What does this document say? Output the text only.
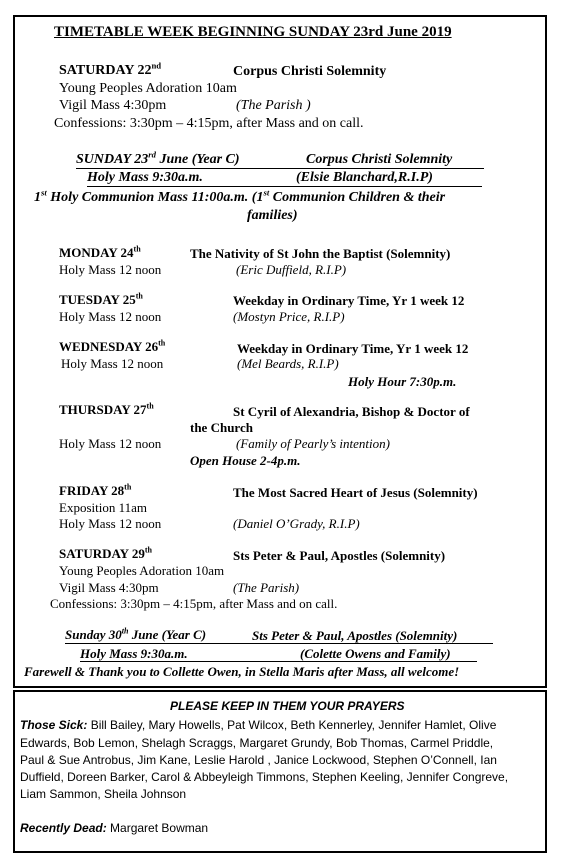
TIMETABLE WEEK BEGINNING SUNDAY 23rd June 2019
SATURDAY 22nd	Corpus Christi Solemnity
Young Peoples Adoration 10am
Vigil Mass 4:30pm	(The Parish )
Confessions: 3:30pm – 4:15pm, after Mass and on call.
SUNDAY 23rd June (Year C)	Corpus Christi Solemnity
Holy Mass 9:30a.m.	(Elsie Blanchard,R.I.P)
1st Holy Communion Mass 11:00a.m. (1st Communion Children & their
families)
MONDAY 24th	The Nativity of St John the Baptist (Solemnity)
Holy Mass 12 noon	(Eric Duffield, R.I.P)
TUESDAY 25th	Weekday in Ordinary Time, Yr 1 week 12
Holy Mass 12 noon	(Mostyn Price, R.I.P)
WEDNESDAY 26th	Weekday in Ordinary Time, Yr 1 week 12
Holy Mass 12 noon	(Mel Beards, R.I.P)
Holy Hour 7:30p.m.
THURSDAY 27th	St Cyril of Alexandria, Bishop & Doctor of
the Church
Holy Mass 12 noon	(Family of Pearly’s intention)
Open House 2-4p.m.
FRIDAY 28th	The Most Sacred Heart of Jesus (Solemnity)
Exposition 11am
Holy Mass 12 noon	(Daniel O’Grady, R.I.P)
SATURDAY 29th	Sts Peter & Paul, Apostles (Solemnity)
Young Peoples Adoration 10am
Vigil Mass 4:30pm	(The Parish)
Confessions: 3:30pm – 4:15pm, after Mass and on call.
Sunday 30th June (Year C)	Sts Peter & Paul, Apostles (Solemnity)
Holy Mass 9:30a.m.	(Colette Owens and Family)
Farewell & Thank you to Collette Owen, in Stella Maris after Mass, all welcome!
PLEASE KEEP IN THEM YOUR PRAYERS
Those Sick: Bill Bailey, Mary Howells, Pat Wilcox, Beth Kennerley, Jennifer Hamlet, Olive
Edwards, Bob Lemon, Shelagh Scraggs, Margaret Grundy, Bob Thomas, Carmel Priddle,
Paul & Sue Antrobus, Jim Kane, Leslie Harold , Janice Lockwood, Stephen O’Connell, Ian
Duffield, Doreen Barker, Carol & Abbeyleigh Timmons, Stephen Keeling, Jennifer Congreve,
Liam Sammon, Sheila Johnson
Recently Dead: Margaret Bowman
